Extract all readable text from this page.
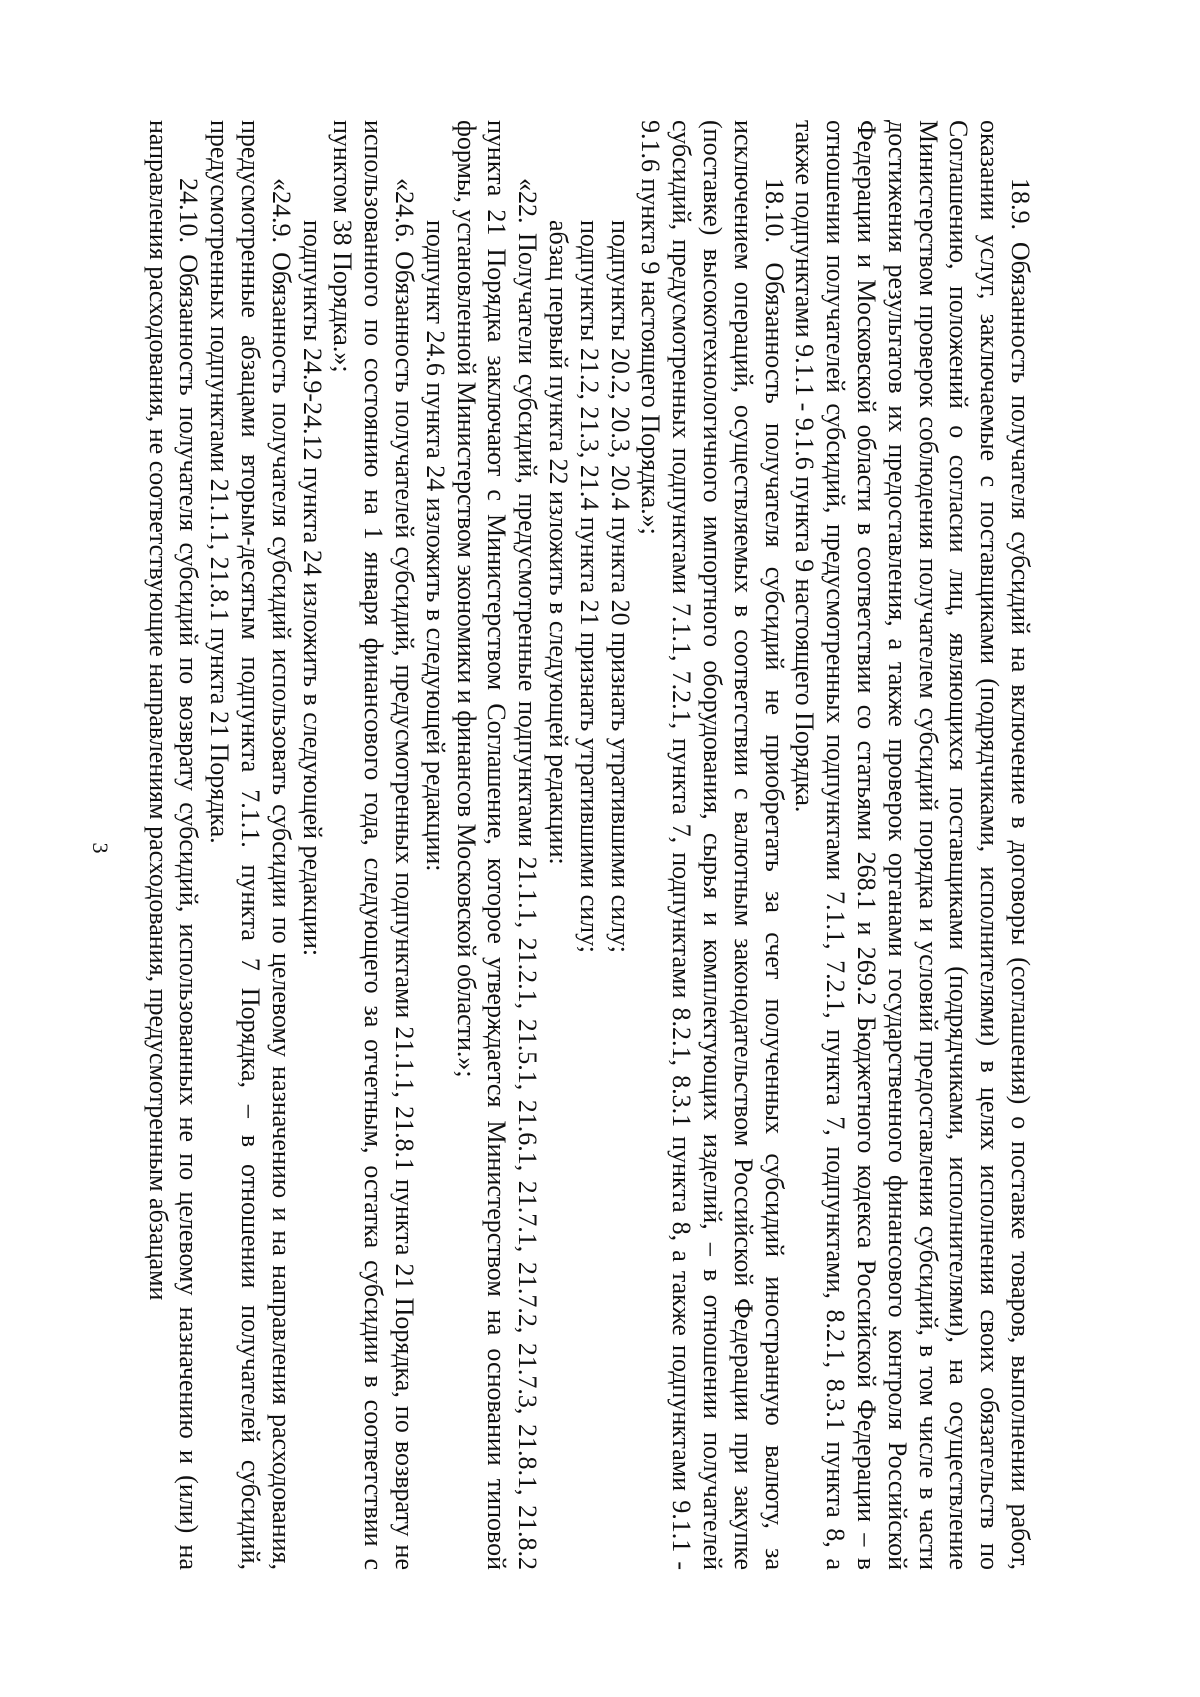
3	18.9. Обязанность получателя субсидий на включение в договоры (соглашения) о поставке товаров, выполнении работ, оказании услуг, заключаемые с поставщиками (подрядчиками, исполнителями) в целях исполнения своих обязательств по Соглашению, положений о согласии лиц, являющихся поставщиками (подрядчиками, исполнителями), на осуществление Министерством проверок соблюдения получателем субсидий порядка и условий предоставления субсидий, в том числе в части достижения результатов их предоставления, а также проверок органами государственного финансового контроля Российской Федерации и Московской области в соответствии со статьями 268.1 и 269.2 Бюджетного кодекса Российской Федерации – в отношении получателей субсидий, предусмотренных подпунктами 7.1.1, 7.2.1, пункта 7, подпунктами, 8.2.1, 8.3.1 пункта 8, а также подпунктами 9.1.1 - 9.1.6 пункта 9 настоящего Порядка.

18.10. Обязанность получателя субсидий не приобретать за счет полученных субсидий иностранную валюту, за исключением операций, осуществляемых в соответствии с валютным законодательством Российской Федерации при закупке (поставке) высокотехнологичного импортного оборудования, сырья и комплектующих изделий, – в отношении получателей субсидий, предусмотренных подпунктами 7.1.1, 7.2.1, пункта 7, подпунктами 8.2.1, 8.3.1 пункта 8, а также подпунктами 9.1.1 - 9.1.6 пункта 9 настоящего Порядка.»;

подпункты 20.2, 20.3, 20.4 пункта 20 признать утратившими силу;

подпункты 21.2, 21.3, 21.4 пункта 21 признать утратившими силу;

абзац первый пункта 22 изложить в следующей редакции:

«22. Получатели субсидий, предусмотренные подпунктами 21.1.1, 21.2.1, 21.5.1, 21.6.1, 21.7.1, 21.7.2, 21.7.3, 21.8.1, 21.8.2 пункта 21 Порядка заключают с Министерством Соглашение, которое утверждается Министерством на основании типовой формы, установленной Министерством экономики и финансов Московской области.»;

подпункт 24.6 пункта 24 изложить в следующей редакции:

«24.6. Обязанность получателей субсидий, предусмотренных подпунктами 21.1.1, 21.8.1 пункта 21 Порядка, по возврату не использованного по состоянию на 1 января финансового года, следующего за отчетным, остатка субсидии в соответствии с пунктом 38 Порядка.»;

подпункты 24.9-24.12 пункта 24 изложить в следующей редакции:

«24.9. Обязанность получателя субсидий использовать субсидии по целевому назначению и на направления расходования, предусмотренные абзацами вторым-десятым подпункта 7.1.1. пункта 7 Порядка, – в отношении получателей субсидий, предусмотренных подпунктами 21.1.1, 21.8.1 пункта 21 Порядка.

24.10. Обязанность получателя субсидий по возврату субсидий, использованных не по целевому назначению и (или) на направления расходования, не соответствующие направлениям расходования, предусмотренным абзацами
